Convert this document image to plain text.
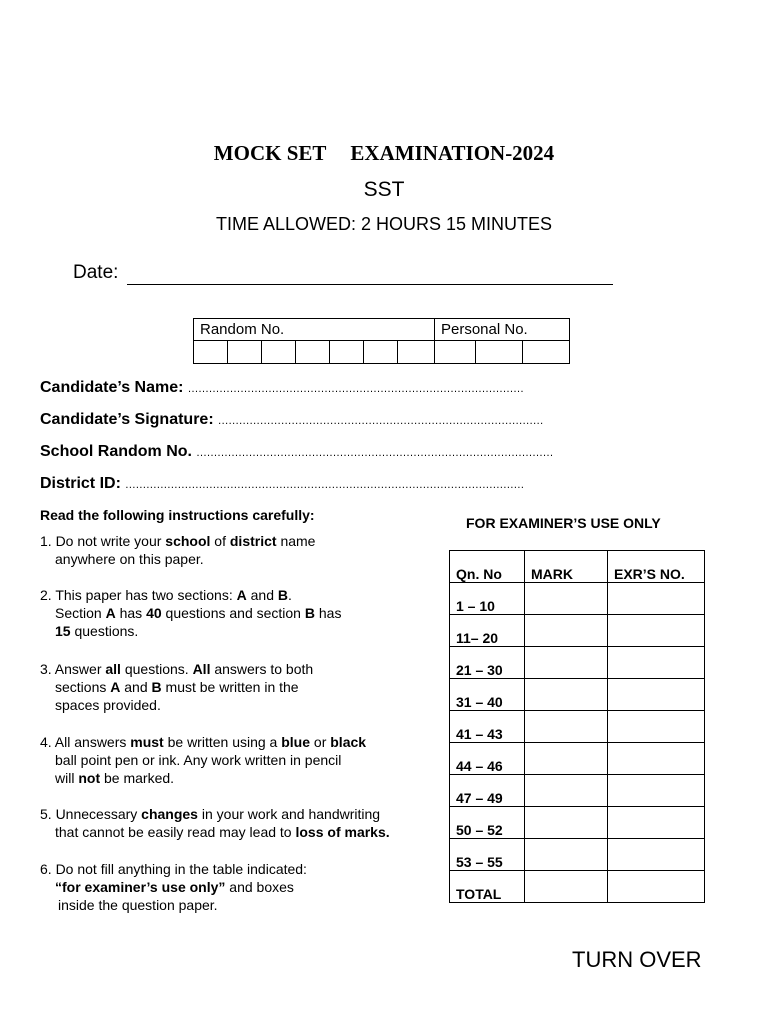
MOCK SET EXAMINATION-2024
SST
TIME ALLOWED: 2 HOURS 15 MINUTES
Date:
Random No.							Personal No.		

Candidate’s Name: ……………………………………………………………………………………
Candidate’s Signature: …………………………………………………………………………………
School Random No. …………………………………………………………………………………………
District ID: ……………………………………………………………………………………………………
Read the following instructions carefully:
1. Do not write your school of district name
anywhere on this paper.
2. This paper has two sections: A and B.
Section A has 40 questions and section B has
15 questions.
3. Answer all questions. All answers to both
sections A and B must be written in the
spaces provided.
4. All answers must be written using a blue or black
ball point pen or ink. Any work written in pencil
will not be marked.
5. Unnecessary changes in your work and handwriting
that cannot be easily read may lead to loss of marks.
6. Do not fill anything in the table indicated:
“for examiner’s use only” and boxes
inside the question paper.
FOR EXAMINER’S USE ONLY
Qn. No	MARK	EXR’S NO.
1 – 10		
11– 20		
21 – 30		
31 – 40		
41 – 43		
44 – 46		
47 – 49		
50 – 52		
53 – 55		
TOTAL		
TURN OVER
